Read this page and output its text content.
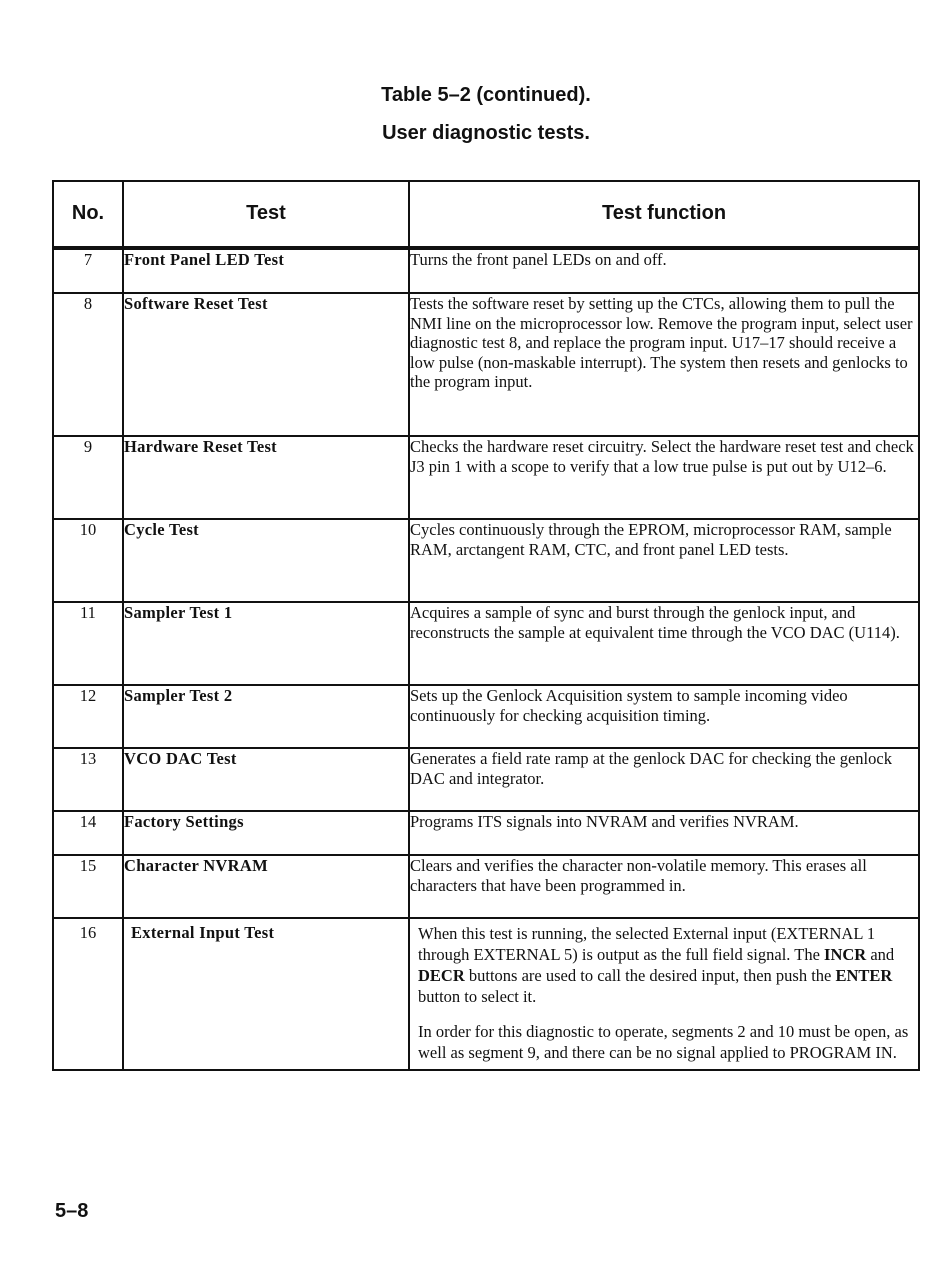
Table 5–2 (continued).
User diagnostic tests.
No.	Test	Test function
7	Front Panel LED Test	Turns the front panel LEDs on and off.
8	Software Reset Test	Tests the software reset by setting up the CTCs, allowing them to pull the NMI line on the microprocessor low. Remove the program input, select user diagnostic test 8, and replace the program input. U17–17 should receive a low pulse (non-maskable interrupt). The system then resets and genlocks to the program input.
9	Hardware Reset Test	Checks the hardware reset circuitry. Select the hardware reset test and check J3 pin 1 with a scope to verify that a low true pulse is put out by U12–6.
10	Cycle Test	Cycles continuously through the EPROM, microprocessor RAM, sample RAM, arctangent RAM, CTC, and front panel LED tests.
11	Sampler Test 1	Acquires a sample of sync and burst through the genlock input, and reconstructs the sample at equivalent time through the VCO DAC (U114).
12	Sampler Test 2	Sets up the Genlock Acquisition system to sample incoming video continuously for checking acquisition timing.
13	VCO DAC Test	Generates a field rate ramp at the genlock DAC for checking the genlock DAC and integrator.
14	Factory Settings	Programs ITS signals into NVRAM and verifies NVRAM.
15	Character NVRAM	Clears and verifies the character non-volatile memory. This erases all characters that have been programmed in.
16	External Input Test	When this test is running, the selected External input (EXTERNAL 1 through EXTERNAL 5) is output as the full field signal. The INCR and DECR buttons are used to call the desired input, then push the ENTER button to select it.
In order for this diagnostic to operate, segments 2 and 10 must be open, as well as segment 9, and there can be no signal applied to PROGRAM IN.
5–8
